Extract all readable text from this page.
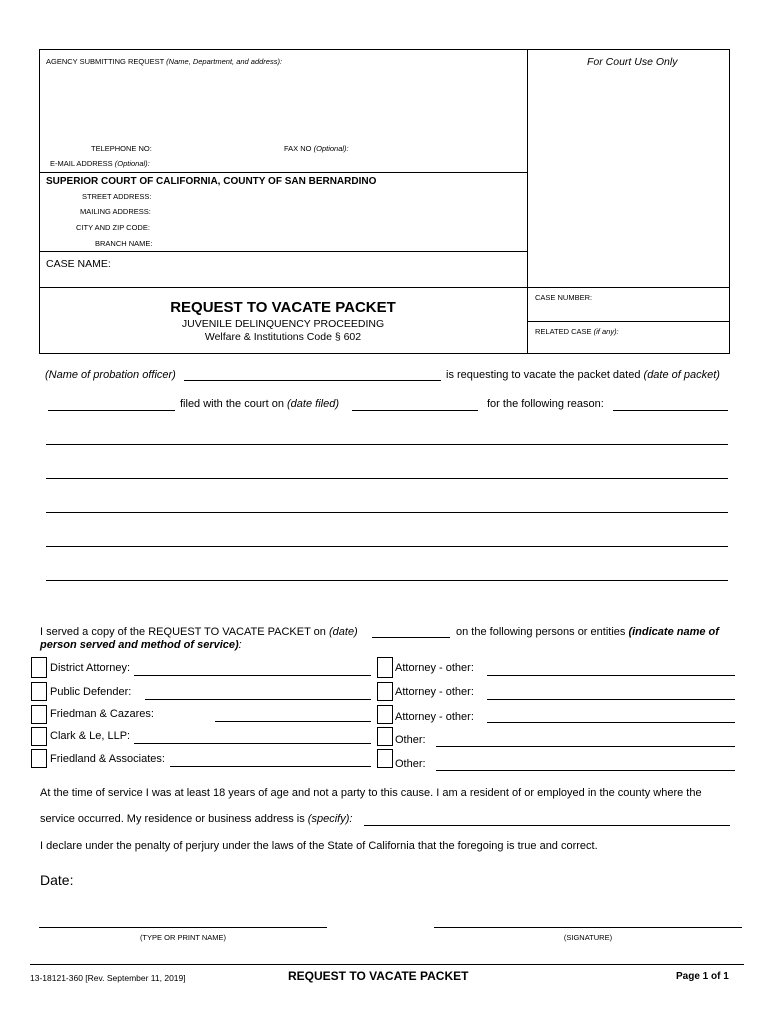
AGENCY SUBMITTING REQUEST (Name, Department, and address):	For Court Use Only
TELEPHONE NO:	FAX NO (Optional):
E-MAIL ADDRESS (Optional):
SUPERIOR COURT OF CALIFORNIA, COUNTY OF SAN BERNARDINO
STREET ADDRESS:
MAILING ADDRESS:
CITY AND ZIP CODE:
BRANCH NAME:
CASE NAME:
REQUEST TO VACATE PACKET
JUVENILE DELINQUENCY PROCEEDING
Welfare & Institutions Code § 602
CASE NUMBER:
RELATED CASE (if any):
(Name of probation officer)	is requesting to vacate the packet dated (date of packet)
filed with the court on (date filed)	for the following reason:
I served a copy of the REQUEST TO VACATE PACKET on (date)	on the following persons or entities (indicate name of
person served and method of service):
District Attorney:
Public Defender:
Friedman & Cazares:
Clark & Le, LLP:
Friedland & Associates:
Attorney - other:
Attorney - other:
Attorney - other:
Other:
Other:
At the time of service I was at least 18 years of age and not a party to this cause. I am a resident of or employed in the county where the
service occurred. My residence or business address is (specify):
I declare under the penalty of perjury under the laws of the State of California that the foregoing is true and correct.
Date:
(TYPE OR PRINT NAME)	(SIGNATURE)
13-18121-360 [Rev. September 11, 2019]	REQUEST TO VACATE PACKET	Page 1 of 1
